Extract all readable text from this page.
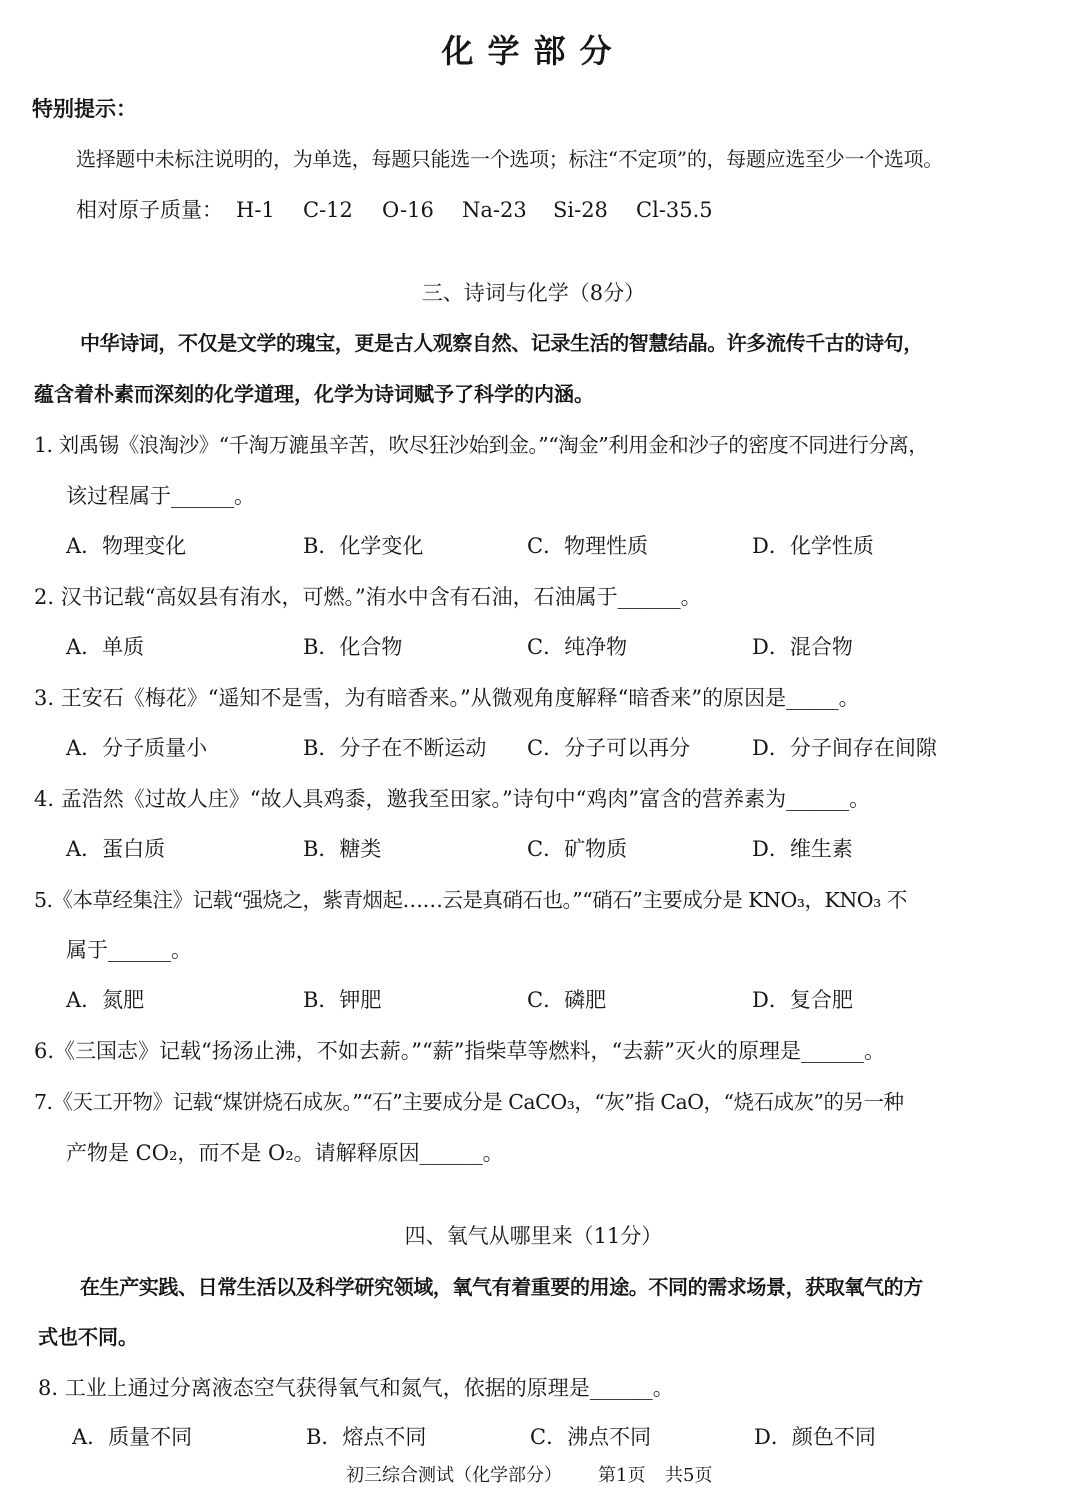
化学部分
特别提示：
选择题中未标注说明的，为单选，每题只能选一个选项；标注“不定项”的，每题应选至少一个选项。
相对原子质量： H-1 C-12 O-16 Na-23 Si-28 Cl-35.5
三、诗词与化学（8分）
中华诗词，不仅是文学的瑰宝，更是古人观察自然、记录生活的智慧结晶。许多流传千古的诗句，
蕴含着朴素而深刻的化学道理，化学为诗词赋予了科学的内涵。
1. 刘禹锡《浪淘沙》“千淘万漉虽辛苦，吹尽狂沙始到金。”“淘金”利用金和沙子的密度不同进行分离，
该过程属于______。
A．物理变化	B．化学变化	C．物理性质	D．化学性质
2. 汉书记载“高奴县有洧水，可燃。”洧水中含有石油，石油属于______。
A．单质	B．化合物	C．纯净物	D．混合物
3. 王安石《梅花》“遥知不是雪，为有暗香来。”从微观角度解释“暗香来”的原因是_____。
A．分子质量小	B．分子在不断运动 C．分子可以再分	D．分子间存在间隙
4. 孟浩然《过故人庄》“故人具鸡黍，邀我至田家。”诗句中“鸡肉”富含的营养素为______。
A．蛋白质	B．糖类	C．矿物质	D．维生素
5.《本草经集注》记载“强烧之，紫青烟起……云是真硝石也。”“硝石”主要成分是 KNO₃，KNO₃ 不
属于______。
A．氮肥	B．钾肥	C．磷肥	D．复合肥
6.《三国志》记载“扬汤止沸，不如去薪。”“薪”指柴草等燃料，“去薪”灭火的原理是______。
7.《天工开物》记载“煤饼烧石成灰。”“石”主要成分是 CaCO₃，“灰”指 CaO，“烧石成灰”的另一种
产物是 CO₂，而不是 O₂。请解释原因______。
四、氧气从哪里来（11分）
在生产实践、日常生活以及科学研究领域，氧气有着重要的用途。不同的需求场景，获取氧气的方
式也不同。
8. 工业上通过分离液态空气获得氧气和氮气，依据的原理是______。
A．质量不同	B．熔点不同	C．沸点不同	D．颜色不同
初三综合测试（化学部分） 第1页 共5页
